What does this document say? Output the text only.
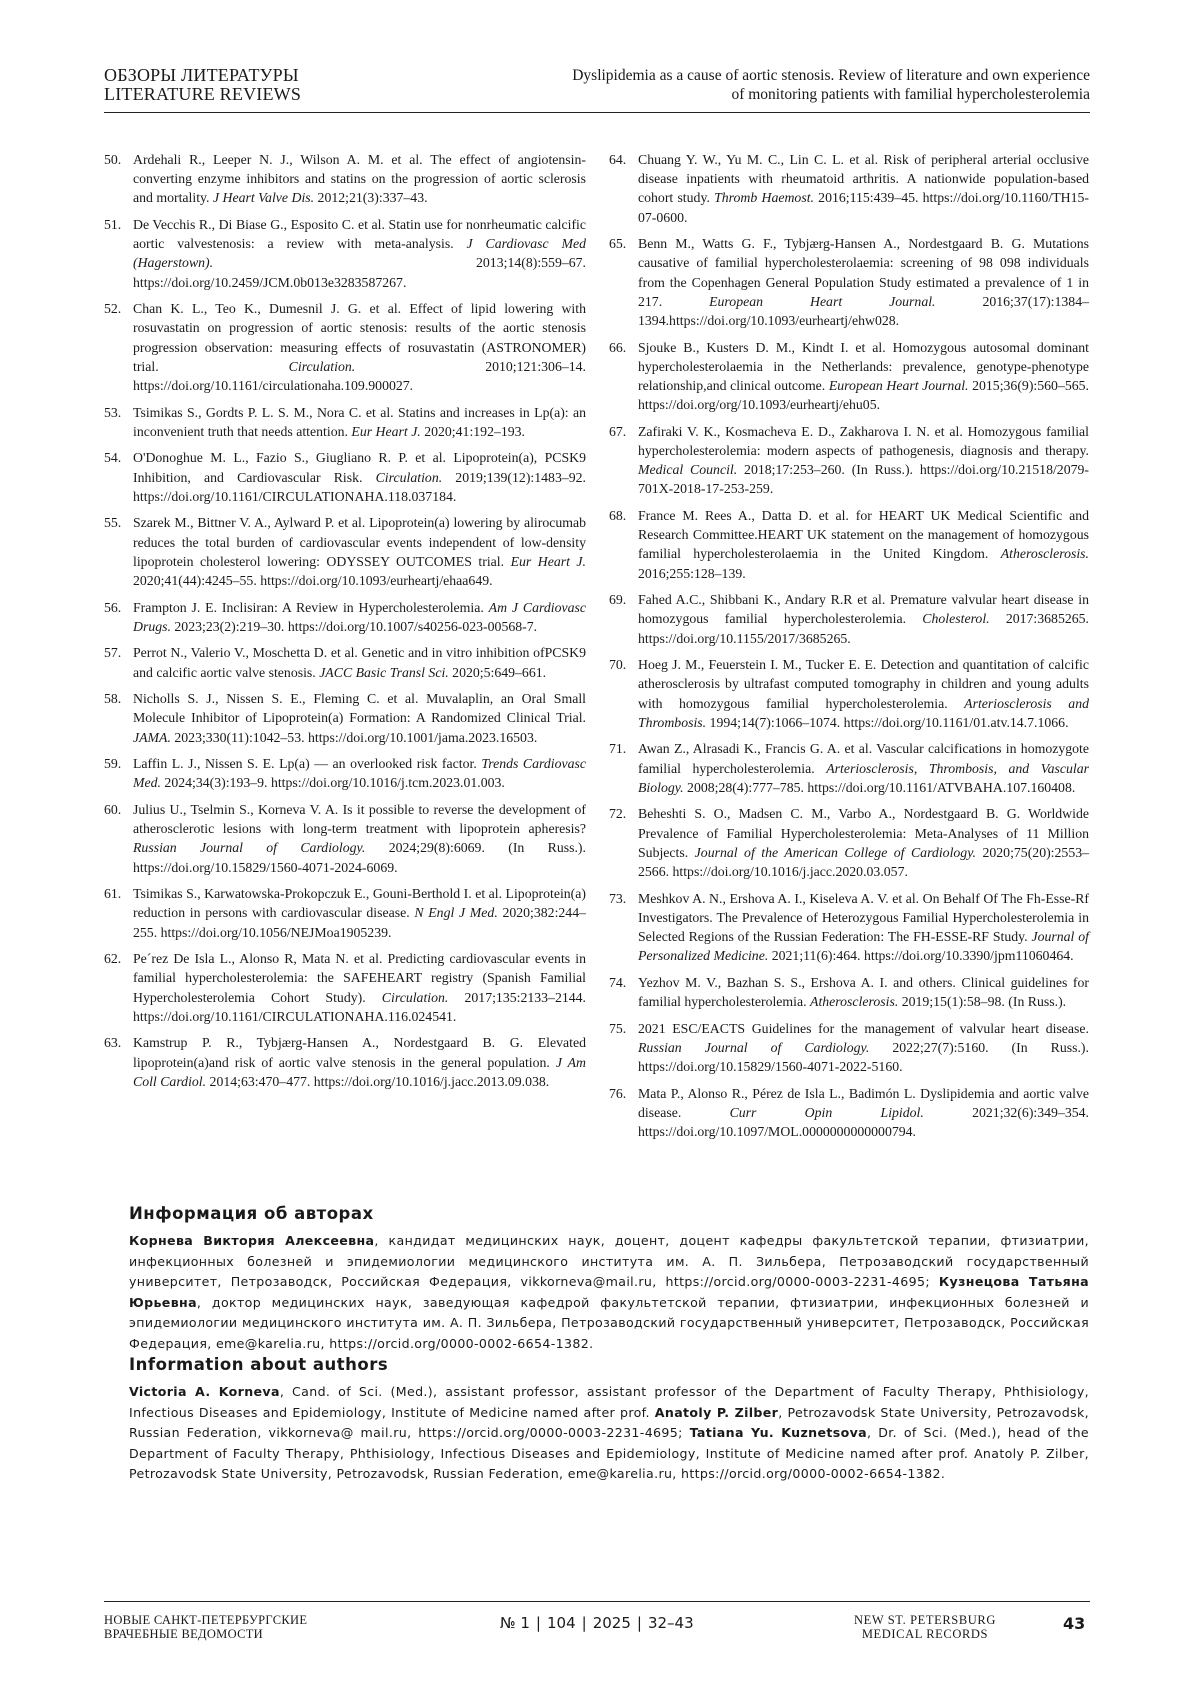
ОБЗОРЫ ЛИТЕРАТУРЫ
LITERATURE REVIEWS
Dyslipidemia as a cause of aortic stenosis. Review of literature and own experience
of monitoring patients with familial hypercholesterolemia
50. Ardehali R., Leeper N. J., Wilson A. M. et al. The effect of angiotensin-converting enzyme inhibitors and statins on the progression of aortic sclerosis and mortality. J Heart Valve Dis. 2012;21(3):337–43.
51. De Vecchis R., Di Biase G., Esposito C. et al. Statin use for nonrheumatic calcific aortic valvestenosis: a review with meta-analysis. J Cardiovasc Med (Hagerstown). 2013;14(8):559–67. https://doi.org/10.2459/JCM.0b013e3283587267.
52. Chan K. L., Teo K., Dumesnil J. G. et al. Effect of lipid lowering with rosuvastatin on progression of aortic stenosis: results of the aortic stenosis progression observation: measuring effects of rosuvastatin (ASTRONOMER) trial. Circulation. 2010;121:306–14. https://doi.org/10.1161/circulationaha.109.900027.
53. Tsimikas S., Gordts P. L. S. M., Nora C. et al. Statins and increases in Lp(a): an inconvenient truth that needs attention. Eur Heart J. 2020;41:192–193.
54. O'Donoghue M. L., Fazio S., Giugliano R. P. et al. Lipoprotein(a), PCSK9 Inhibition, and Cardiovascular Risk. Circulation. 2019;139(12):1483–92. https://doi.org/10.1161/CIRCULATIONAHA.118.037184.
55. Szarek M., Bittner V. A., Aylward P. et al. Lipoprotein(a) lowering by alirocumab reduces the total burden of cardiovascular events independent of low-density lipoprotein cholesterol lowering: ODYSSEY OUTCOMES trial. Eur Heart J. 2020;41(44):4245–55. https://doi.org/10.1093/eurheartj/ehaa649.
56. Frampton J. E. Inclisiran: A Review in Hypercholesterolemia. Am J Cardiovasc Drugs. 2023;23(2):219–30. https://doi.org/10.1007/s40256-023-00568-7.
57. Perrot N., Valerio V., Moschetta D. et al. Genetic and in vitro inhibition ofPCSK9 and calcific aortic valve stenosis. JACC Basic Transl Sci. 2020;5:649–661.
58. Nicholls S. J., Nissen S. E., Fleming C. et al. Muvalaplin, an Oral Small Molecule Inhibitor of Lipoprotein(a) Formation: A Randomized Clinical Trial. JAMA. 2023;330(11):1042–53. https://doi.org/10.1001/jama.2023.16503.
59. Laffin L. J., Nissen S. E. Lp(a) — an overlooked risk factor. Trends Cardiovasc Med. 2024;34(3):193–9. https://doi.org/10.1016/j.tcm.2023.01.003.
60. Julius U., Tselmin S., Korneva V. A. Is it possible to reverse the development of atherosclerotic lesions with long-term treatment with lipoprotein apheresis? Russian Journal of Cardiology. 2024;29(8):6069. (In Russ.). https://doi.org/10.15829/1560-4071-2024-6069.
61. Tsimikas S., Karwatowska-Prokopczuk E., Gouni-Berthold I. et al. Lipoprotein(a) reduction in persons with cardiovascular disease. N Engl J Med. 2020;382:244–255. https://doi.org/10.1056/NEJMoa1905239.
62. Pe´rez De Isla L., Alonso R, Mata N. et al. Predicting cardiovascular events in familial hypercholesterolemia: the SAFEHEART registry (Spanish Familial Hypercholesterolemia Cohort Study). Circulation. 2017;135:2133–2144. https://doi.org/10.1161/CIRCULATIONAHA.116.024541.
63. Kamstrup P. R., Tybjærg-Hansen A., Nordestgaard B. G. Elevated lipoprotein(a)and risk of aortic valve stenosis in the general population. J Am Coll Cardiol. 2014;63:470–477. https://doi.org/10.1016/j.jacc.2013.09.038.
64. Chuang Y. W., Yu M. C., Lin C. L. et al. Risk of peripheral arterial occlusive disease inpatients with rheumatoid arthritis. A nationwide population-based cohort study. Thromb Haemost. 2016;115:439–45. https://doi.org/10.1160/TH15-07-0600.
65. Benn M., Watts G. F., Tybjærg-Hansen A., Nordestgaard B. G. Mutations causative of familial hypercholesterolaemia: screening of 98 098 individuals from the Copenhagen General Population Study estimated a prevalence of 1 in 217. European Heart Journal. 2016;37(17):1384–1394.https://doi.org/10.1093/eurheartj/ehw028.
66. Sjouke B., Kusters D. M., Kindt I. et al. Homozygous autosomal dominant hypercholesterolaemia in the Netherlands: prevalence, genotype-phenotype relationship,and clinical outcome. European Heart Journal. 2015;36(9):560–565. https://doi.org/org/10.1093/eurheartj/ehu05.
67. Zafiraki V. K., Kosmacheva E. D., Zakharova I. N. et al. Homozygous familial hypercholesterolemia: modern aspects of pathogenesis, diagnosis and therapy. Medical Council. 2018;17:253–260. (In Russ.). https://doi.org/10.21518/2079-701X-2018-17-253-259.
68. France M. Rees A., Datta D. et al. for HEART UK Medical Scientific and Research Committee.HEART UK statement on the management of homozygous familial hypercholesterolaemia in the United Kingdom. Atherosclerosis. 2016;255:128–139.
69. Fahed A.C., Shibbani K., Andary R.R et al. Premature valvular heart disease in homozygous familial hypercholesterolemia. Cholesterol. 2017:3685265. https://doi.org/10.1155/2017/3685265.
70. Hoeg J. M., Feuerstein I. M., Tucker E. E. Detection and quantitation of calcific atherosclerosis by ultrafast computed tomography in children and young adults with homozygous familial hypercholesterolemia. Arteriosclerosis and Thrombosis. 1994;14(7):1066–1074. https://doi.org/10.1161/01.atv.14.7.1066.
71. Awan Z., Alrasadi K., Francis G. A. et al. Vascular calcifications in homozygote familial hypercholesterolemia. Arteriosclerosis, Thrombosis, and Vascular Biology. 2008;28(4):777–785. https://doi.org/10.1161/ATVBAHA.107.160408.
72. Beheshti S. O., Madsen C. M., Varbo A., Nordestgaard B. G. Worldwide Prevalence of Familial Hypercholesterolemia: Meta-Analyses of 11 Million Subjects. Journal of the American College of Cardiology. 2020;75(20):2553–2566. https://doi.org/10.1016/j.jacc.2020.03.057.
73. Meshkov A. N., Ershova A. I., Kiseleva A. V. et al. On Behalf Of The Fh-Esse-Rf Investigators. The Prevalence of Heterozygous Familial Hypercholesterolemia in Selected Regions of the Russian Federation: The FH-ESSE-RF Study. Journal of Personalized Medicine. 2021;11(6):464. https://doi.org/10.3390/jpm11060464.
74. Yezhov M. V., Bazhan S. S., Ershova A. I. and others. Clinical guidelines for familial hypercholesterolemia. Atherosclerosis. 2019;15(1):58–98. (In Russ.).
75. 2021 ESC/EACTS Guidelines for the management of valvular heart disease. Russian Journal of Cardiology. 2022;27(7):5160. (In Russ.). https://doi.org/10.15829/1560-4071-2022-5160.
76. Mata P., Alonso R., Pérez de Isla L., Badimón L. Dyslipidemia and aortic valve disease. Curr Opin Lipidol. 2021;32(6):349–354. https://doi.org/10.1097/MOL.0000000000000794.
Информация об авторах
Корнева Виктория Алексеевна, кандидат медицинских наук, доцент, доцент кафедры факультетской терапии, фтизиатрии, инфекционных болезней и эпидемиологии медицинского института им. А. П. Зильбера, Петрозаводский государственный университет, Петрозаводск, Российская Федерация, vikkorneva@mail.ru, https://orcid.org/0000-0003-2231-4695; Кузнецова Татьяна Юрьевна, доктор медицинских наук, заведующая кафедрой факультетской терапии, фтизиатрии, инфекционных болезней и эпидемиологии медицинского института им. А. П. Зильбера, Петрозаводский государственный университет, Петрозаводск, Российская Федерация, eme@karelia.ru, https://orcid.org/0000-0002-6654-1382.
Information about authors
Victoria A. Korneva, Cand. of Sci. (Med.), assistant professor, assistant professor of the Department of Faculty Therapy, Phthisiology, Infectious Diseases and Epidemiology, Institute of Medicine named after prof. Anatoly P. Zilber, Petrozavodsk State University, Petrozavodsk, Russian Federation, vikkorneva@ mail.ru, https://orcid.org/0000-0003-2231-4695; Tatiana Yu. Kuznetsova, Dr. of Sci. (Med.), head of the Department of Faculty Therapy, Phthisiology, Infectious Diseases and Epidemiology, Institute of Medicine named after prof. Anatoly P. Zilber, Petrozavodsk State University, Petrozavodsk, Russian Federation, eme@karelia.ru, https://orcid.org/0000-0002-6654-1382.
НОВЫЕ САНКТ-ПЕТЕРБУРГСКИЕ
ВРАЧЕБНЫЕ ВЕДОМОСТИ
№ 1 | 104 | 2025 | 32–43	NEW ST. PETERSBURG
MEDICAL RECORDS
43
